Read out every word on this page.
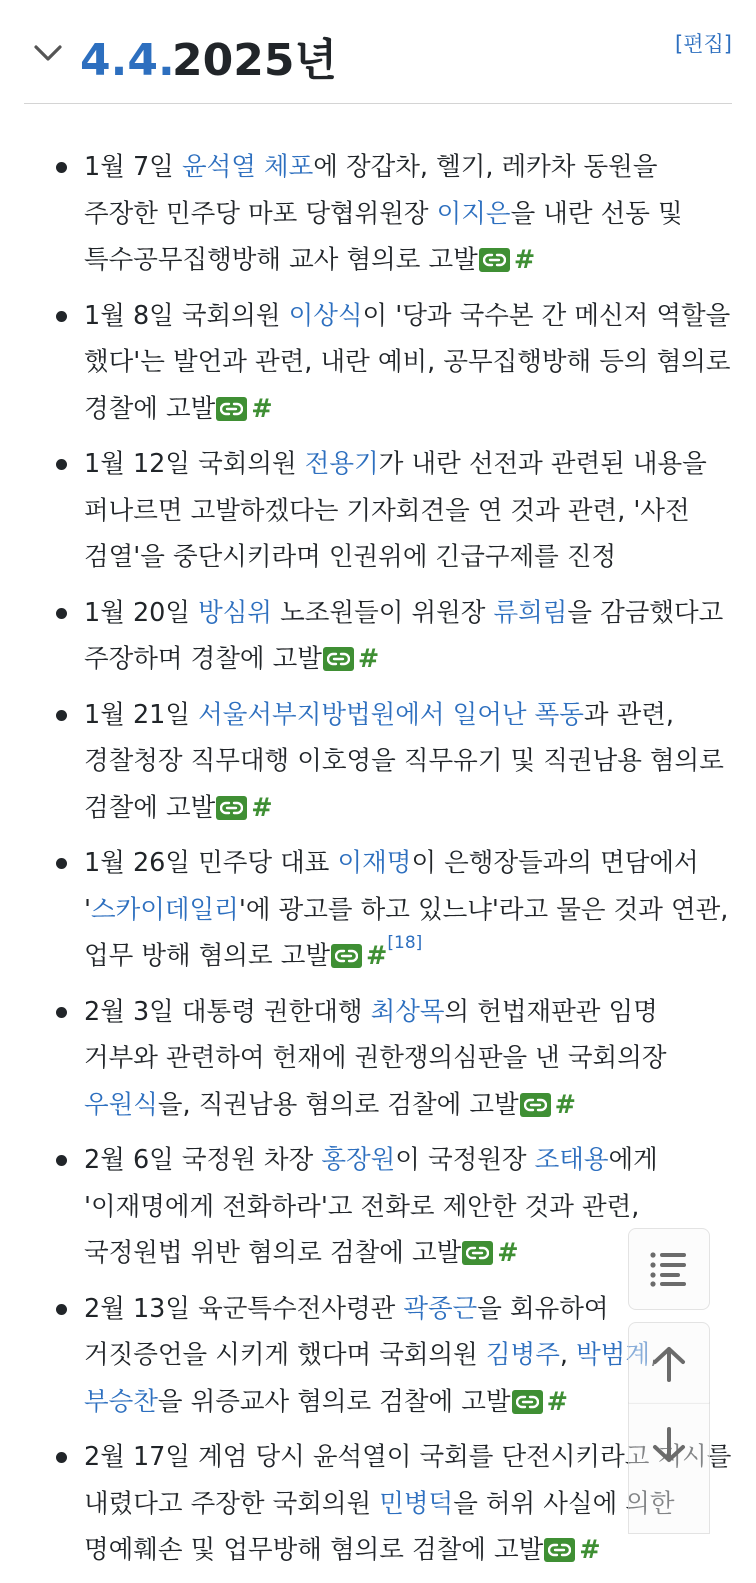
4.4.
2025년	[편집]
1월 7일 윤석열 체포에 장갑차, 헬기, 레카차 동원을 주장한 민주당 마포 당협위원장 이지은을 내란 선동 및 특수공무집행방해 교사 혐의로 고발 #
1월 8일 국회의원 이상식이 '당과 국수본 간 메신저 역할을 했다'는 발언과 관련, 내란 예비, 공무집행방해 등의 혐의로 경찰에 고발 #
1월 12일 국회의원 전용기가 내란 선전과 관련된 내용을 퍼나르면 고발하겠다는 기자회견을 연 것과 관련, '사전 검열'을 중단시키라며 인권위에 긴급구제를 진정
1월 20일 방심위 노조원들이 위원장 류희림을 감금했다고 주장하며 경찰에 고발 #
1월 21일 서울서부지방법원에서 일어난 폭동과 관련, 경찰청장 직무대행 이호영을 직무유기 및 직권남용 혐의로 검찰에 고발 #
1월 26일 민주당 대표 이재명이 은행장들과의 면담에서 '스카이데일리'에 광고를 하고 있느냐'라고 물은 것과 연관, 업무 방해 혐의로 고발 #[18]
2월 3일 대통령 권한대행 최상목의 헌법재판관 임명 거부와 관련하여 헌재에 권한쟁의심판을 낸 국회의장 우원식을, 직권남용 혐의로 검찰에 고발 #
2월 6일 국정원 차장 홍장원이 국정원장 조태용에게 '이재명에게 전화하라'고 전화로 제안한 것과 관련, 국정원법 위반 혐의로 검찰에 고발 #
2월 13일 육군특수전사령관 곽종근을 회유하여 거짓증언을 시키게 했다며 국회의원 김병주, 박범계, 부승찬을 위증교사 혐의로 검찰에 고발 #
2월 17일 계엄 당시 윤석열이 국회를 단전시키라고 지시를 내렸다고 주장한 국회의원 민병덕을 허위 사실에 의한 명예훼손 및 업무방해 혐의로 검찰에 고발 #
